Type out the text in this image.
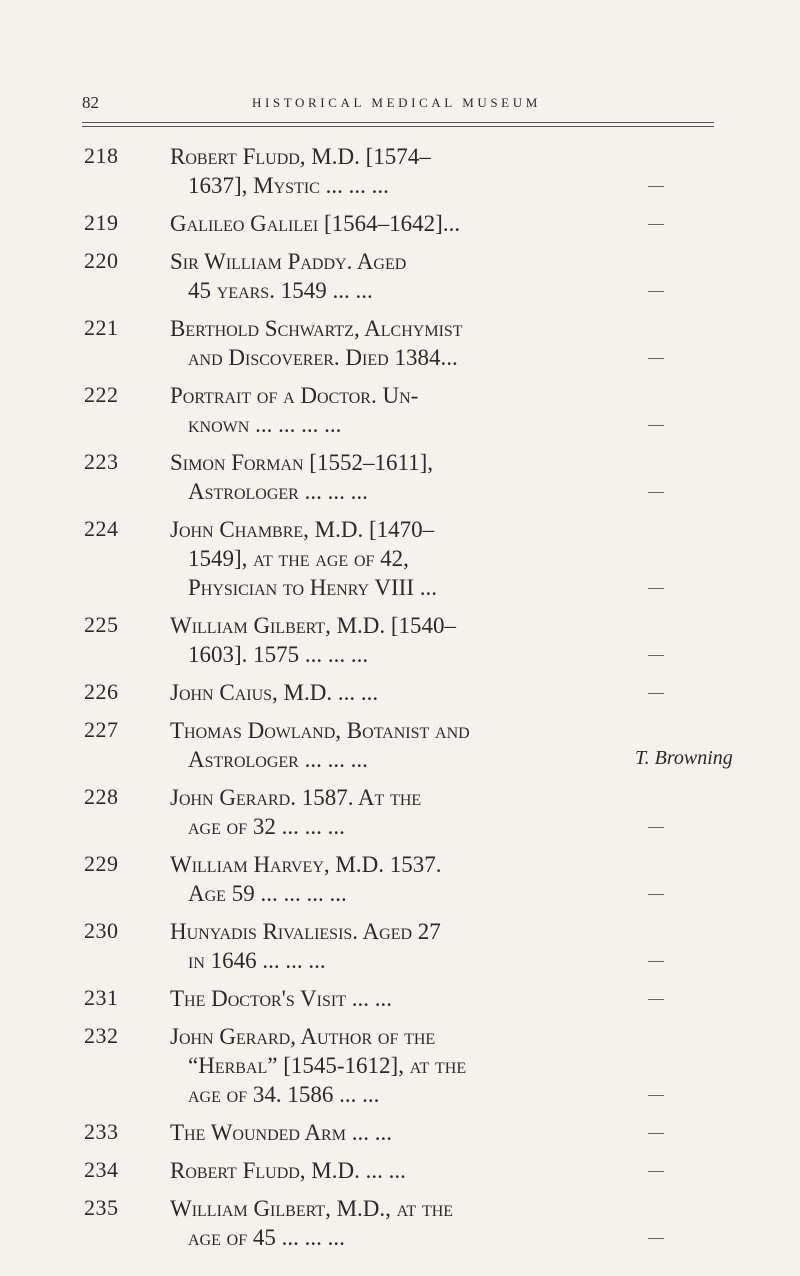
82	HISTORICAL MEDICAL MUSEUM
218 Robert Fludd, M.D. [1574–
1637], Mystic ... ... ...
219 Galileo Galilei [1564–1642]...
220 Sir William Paddy. Aged
45 years. 1549 ... ...
221 Berthold Schwartz, Alchymist
and Discoverer. Died 1384...
222 Portrait of a Doctor. Un-
known ... ... ... ...
223 Simon Forman [1552–1611],
Astrologer ... ... ...
224 John Chambre, M.D. [1470–
1549], at the age of 42,
Physician to Henry VIII ...
225 William Gilbert, M.D. [1540–
1603]. 1575 ... ... ...
226 John Caius, M.D. ... ...
227 Thomas Dowland, Botanist and
Astrologer ... ... ...	T. Browning
228 John Gerard. 1587. At the
age of 32 ... ... ...
229 William Harvey, M.D. 1537.
Age 59 ... ... ... ...
230 Hunyadis Rivaliesis. Aged 27
in 1646 ... ... ...
231 The Doctor's Visit ... ...
232 John Gerard, Author of the
“Herbal” [1545-1612], at the
age of 34. 1586 ... ...
233 The Wounded Arm ... ...
234 Robert Fludd, M.D. ... ...
235 William Gilbert, M.D., at the
age of 45 ... ... ...
